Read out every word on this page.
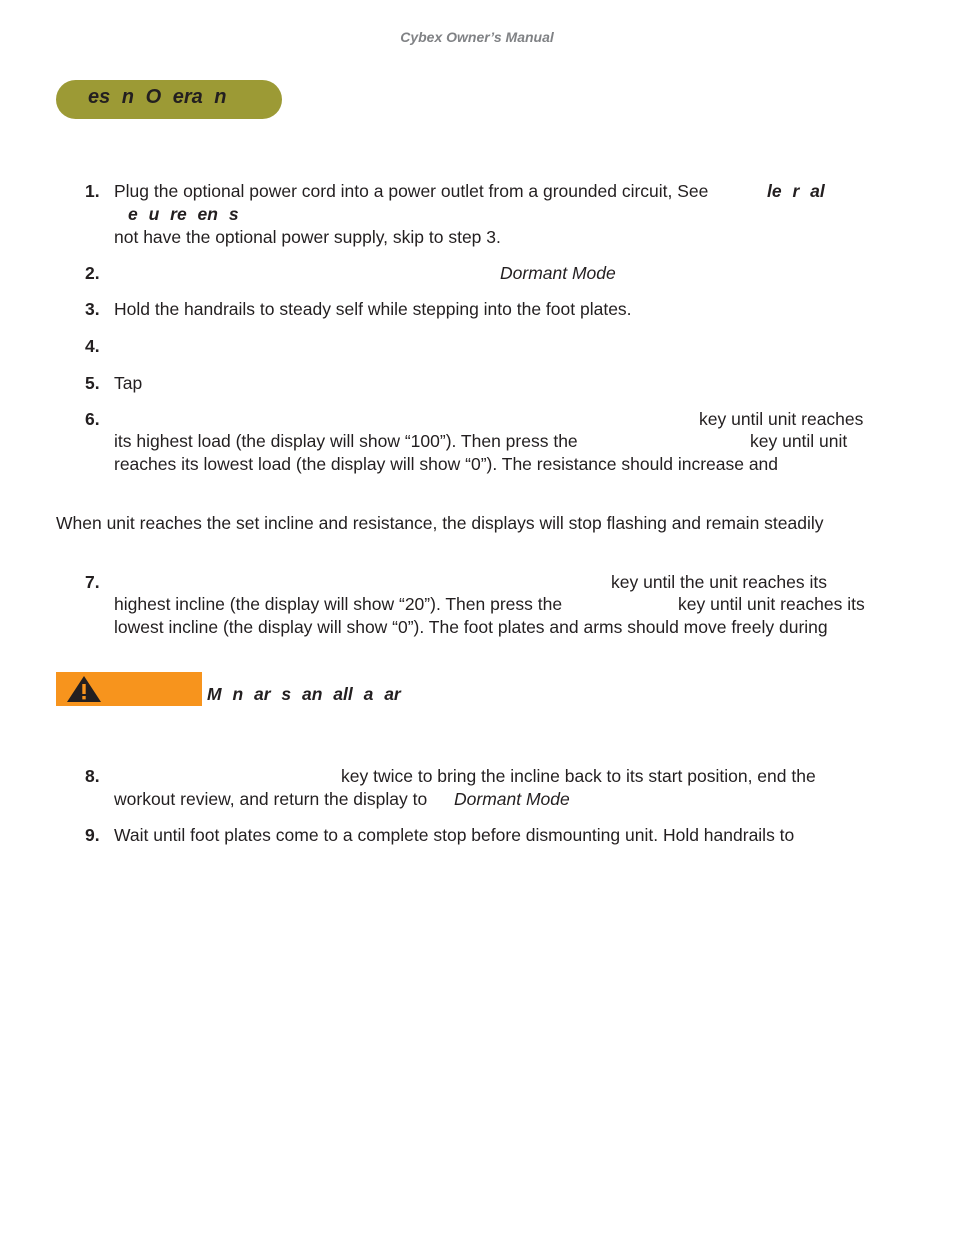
Cybex Owner’s Manual
es n O era n
1. Plug the optional power cord into a power outlet from a grounded circuit, See	le r al
e u re en s
not have the optional power supply, skip to step 3.
2.	Dormant Mode
3. Hold the handrails to steady self while stepping into the foot plates.
4.
5. Tap
6.	key until unit reaches
its highest load (the display will show “100”). Then press the	key until unit
reaches its lowest load (the display will show “0”). The resistance should increase and
When unit reaches the set incline and resistance, the displays will stop flashing and remain steadily
7.	key until the unit reaches its
highest incline (the display will show “20”). Then press the	key until unit reaches its
lowest incline (the display will show “0”). The foot plates and arms should move freely during
M n ar s an all a ar
8.	key twice to bring the incline back to its start position, end the
workout review, and return the display to Dormant Mode
9. Wait until foot plates come to a complete stop before dismounting unit. Hold handrails to
